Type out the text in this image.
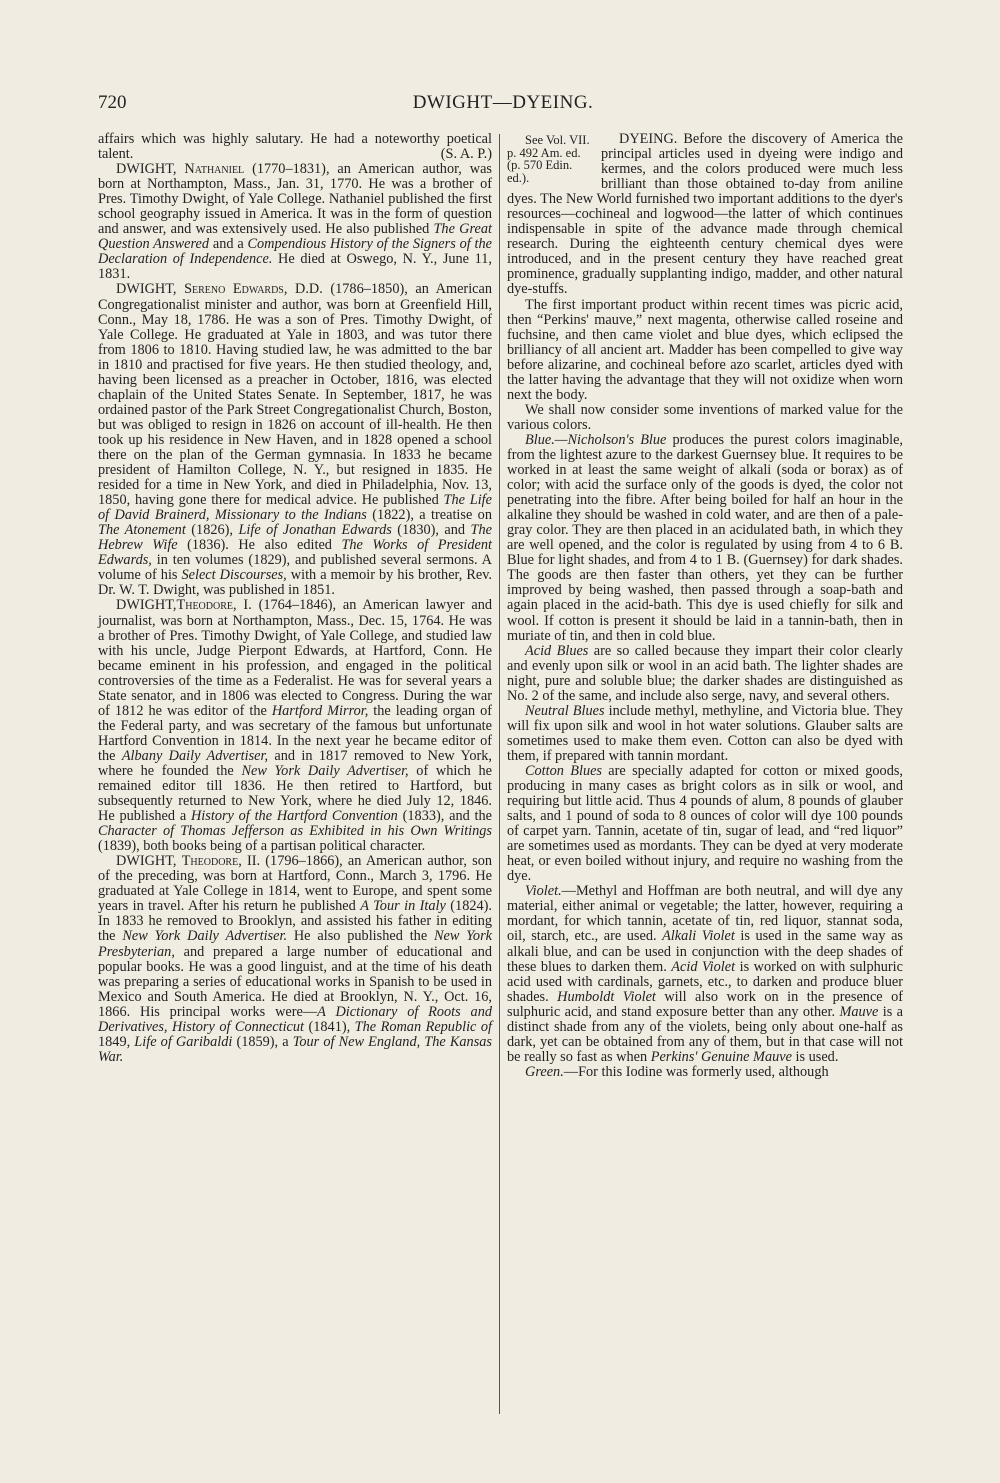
720	DWIGHT—DYEING.

affairs which was highly salutary. He had a noteworthy poetical talent.	(S. A. P.)

DWIGHT, Nathaniel (1770–1831), an American author, was born at Northampton, Mass., Jan. 31, 1770. He was a brother of Pres. Timothy Dwight, of Yale College. Nathaniel published the first school geography issued in America. It was in the form of question and answer, and was extensively used. He also published The Great Question Answered and a Compendious History of the Signers of the Declaration of Independence. He died at Oswego, N. Y., June 11, 1831.

DWIGHT, Sereno Edwards, D.D. (1786–1850), an American Congregationalist minister and author, was born at Greenfield Hill, Conn., May 18, 1786. He was a son of Pres. Timothy Dwight, of Yale College. He graduated at Yale in 1803, and was tutor there from 1806 to 1810. Having studied law, he was admitted to the bar in 1810 and practised for five years. He then studied theology, and, having been licensed as a preacher in October, 1816, was elected chaplain of the United States Senate. In September, 1817, he was ordained pastor of the Park Street Congregationalist Church, Boston, but was obliged to resign in 1826 on account of ill-health. He then took up his residence in New Haven, and in 1828 opened a school there on the plan of the German gymnasia. In 1833 he became president of Hamilton College, N. Y., but resigned in 1835. He resided for a time in New York, and died in Philadelphia, Nov. 13, 1850, having gone there for medical advice. He published The Life of David Brainerd, Missionary to the Indians (1822), a treatise on The Atonement (1826), Life of Jonathan Edwards (1830), and The Hebrew Wife (1836). He also edited The Works of President Edwards, in ten volumes (1829), and published several sermons. A volume of his Select Discourses, with a memoir by his brother, Rev. Dr. W. T. Dwight, was published in 1851.

DWIGHT,Theodore, I. (1764–1846), an American lawyer and journalist, was born at Northampton, Mass., Dec. 15, 1764. He was a brother of Pres. Timothy Dwight, of Yale College, and studied law with his uncle, Judge Pierpont Edwards, at Hartford, Conn. He became eminent in his profession, and engaged in the political controversies of the time as a Federalist. He was for several years a State senator, and in 1806 was elected to Congress. During the war of 1812 he was editor of the Hartford Mirror, the leading organ of the Federal party, and was secretary of the famous but unfortunate Hartford Convention in 1814. In the next year he became editor of the Albany Daily Advertiser, and in 1817 removed to New York, where he founded the New York Daily Advertiser, of which he remained editor till 1836. He then retired to Hartford, but subsequently returned to New York, where he died July 12, 1846. He published a History of the Hartford Convention (1833), and the Character of Thomas Jefferson as Exhibited in his Own Writings (1839), both books being of a partisan political character.

DWIGHT, Theodore, II. (1796–1866), an American author, son of the preceding, was born at Hartford, Conn., March 3, 1796. He graduated at Yale College in 1814, went to Europe, and spent some years in travel. After his return he published A Tour in Italy (1824). In 1833 he removed to Brooklyn, and assisted his father in editing the New York Daily Advertiser. He also published the New York Presbyterian, and prepared a large number of educational and popular books. He was a good linguist, and at the time of his death was preparing a series of educational works in Spanish to be used in Mexico and South America. He died at Brooklyn, N. Y., Oct. 16, 1866. His principal works were—A Dictionary of Roots and Derivatives, History of Connecticut (1841), The Roman Republic of 1849, Life of Garibaldi (1859), a Tour of New England, The Kansas War.

DYEING.
See Vol. VII. p. 492 Am. ed. (p. 570 Edin. ed.).
Before the discovery of America the principal articles used in dyeing were indigo and kermes, and the colors produced were much less brilliant than those obtained to-day from aniline dyes. The New World furnished two important additions to the dyer's resources—cochineal and logwood—the latter of which continues indispensable in spite of the advance made through chemical research. During the eighteenth century chemical dyes were introduced, and in the present century they have reached great prominence, gradually supplanting indigo, madder, and other natural dye-stuffs.

The first important product within recent times was picric acid, then “Perkins' mauve,” next magenta, otherwise called roseine and fuchsine, and then came violet and blue dyes, which eclipsed the brilliancy of all ancient art. Madder has been compelled to give way before alizarine, and cochineal before azo scarlet, articles dyed with the latter having the advantage that they will not oxidize when worn next the body.

We shall now consider some inventions of marked value for the various colors.

Blue.—Nicholson's Blue produces the purest colors imaginable, from the lightest azure to the darkest Guernsey blue. It requires to be worked in at least the same weight of alkali (soda or borax) as of color; with acid the surface only of the goods is dyed, the color not penetrating into the fibre. After being boiled for half an hour in the alkaline they should be washed in cold water, and are then of a pale-gray color. They are then placed in an acidulated bath, in which they are well opened, and the color is regulated by using from 4 to 6 B. Blue for light shades, and from 4 to 1 B. (Guernsey) for dark shades. The goods are then faster than others, yet they can be further improved by being washed, then passed through a soap-bath and again placed in the acid-bath. This dye is used chiefly for silk and wool. If cotton is present it should be laid in a tannin-bath, then in muriate of tin, and then in cold blue.

Acid Blues are so called because they impart their color clearly and evenly upon silk or wool in an acid bath. The lighter shades are night, pure and soluble blue; the darker shades are distinguished as No. 2 of the same, and include also serge, navy, and several others.

Neutral Blues include methyl, methyline, and Victoria blue. They will fix upon silk and wool in hot water solutions. Glauber salts are sometimes used to make them even. Cotton can also be dyed with them, if prepared with tannin mordant.

Cotton Blues are specially adapted for cotton or mixed goods, producing in many cases as bright colors as in silk or wool, and requiring but little acid. Thus 4 pounds of alum, 8 pounds of glauber salts, and 1 pound of soda to 8 ounces of color will dye 100 pounds of carpet yarn. Tannin, acetate of tin, sugar of lead, and “red liquor” are sometimes used as mordants. They can be dyed at very moderate heat, or even boiled without injury, and require no washing from the dye.

Violet.—Methyl and Hoffman are both neutral, and will dye any material, either animal or vegetable; the latter, however, requiring a mordant, for which tannin, acetate of tin, red liquor, stannat soda, oil, starch, etc., are used. Alkali Violet is used in the same way as alkali blue, and can be used in conjunction with the deep shades of these blues to darken them. Acid Violet is worked on with sulphuric acid used with cardinals, garnets, etc., to darken and produce bluer shades. Humboldt Violet will also work on in the presence of sulphuric acid, and stand exposure better than any other. Mauve is a distinct shade from any of the violets, being only about one-half as dark, yet can be obtained from any of them, but in that case will not be really so fast as when Perkins' Genuine Mauve is used.

Green.—For this Iodine was formerly used, although
